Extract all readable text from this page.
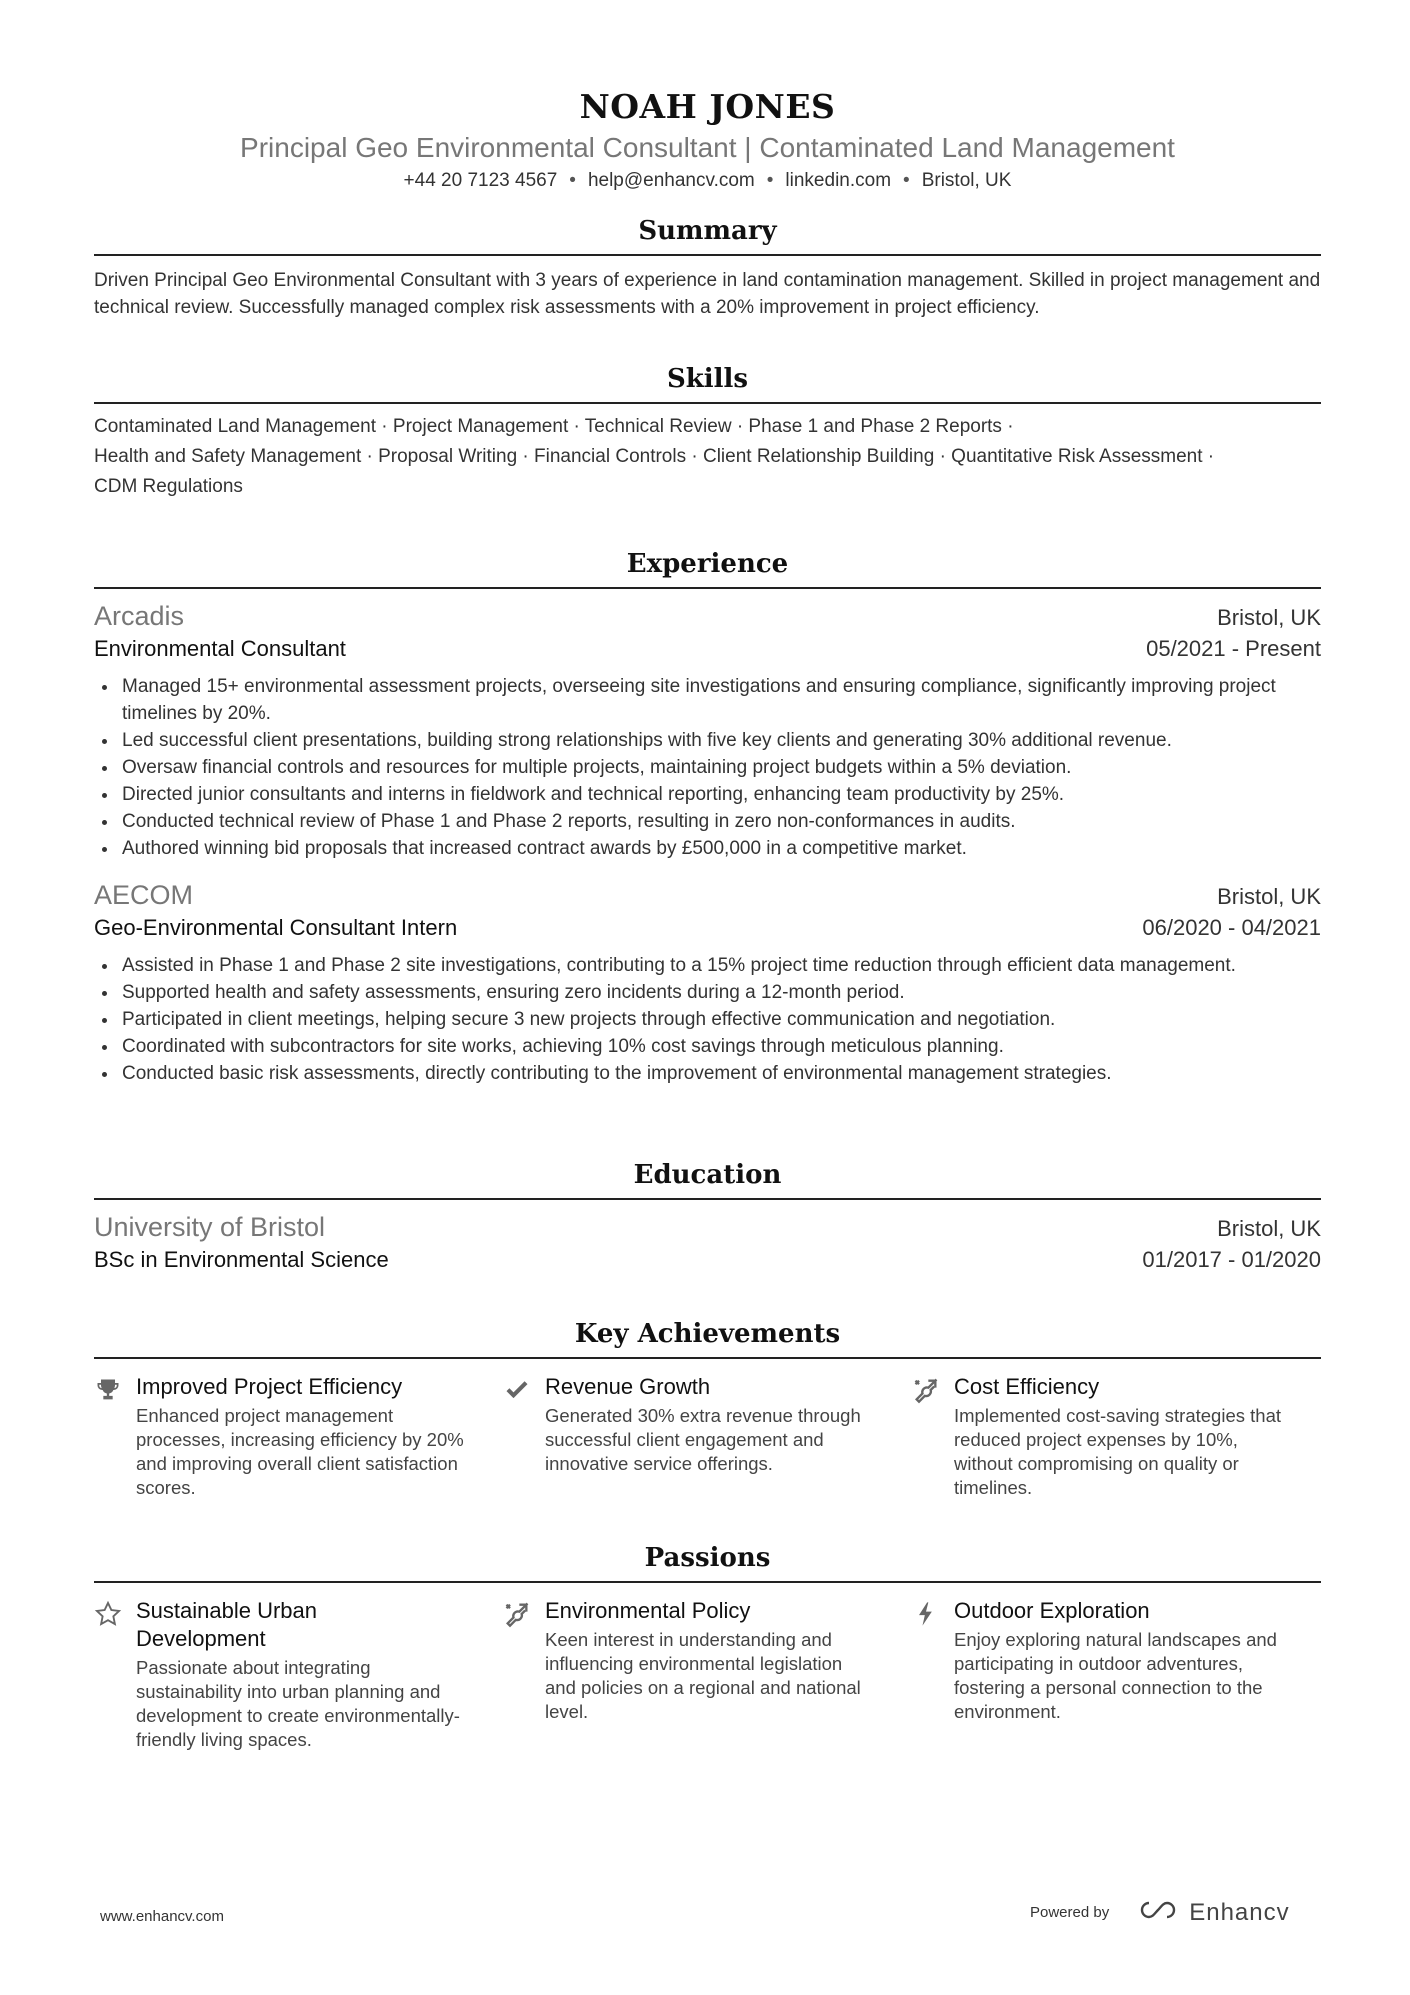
NOAH JONES
Principal Geo Environmental Consultant | Contaminated Land Management
+44 20 7123 4567 • help@enhancv.com • linkedin.com • Bristol, UK
Summary
Driven Principal Geo Environmental Consultant with 3 years of experience in land contamination management. Skilled in project management and technical review. Successfully managed complex risk assessments with a 20% improvement in project efficiency.
Skills
Contaminated Land Management · Project Management · Technical Review · Phase 1 and Phase 2 Reports ·
Health and Safety Management · Proposal Writing · Financial Controls · Client Relationship Building · Quantitative Risk Assessment ·
CDM Regulations
Experience
Arcadis	Bristol, UK
Environmental Consultant	05/2021 - Present
Managed 15+ environmental assessment projects, overseeing site investigations and ensuring compliance, significantly improving project timelines by 20%.
Led successful client presentations, building strong relationships with five key clients and generating 30% additional revenue.
Oversaw financial controls and resources for multiple projects, maintaining project budgets within a 5% deviation.
Directed junior consultants and interns in fieldwork and technical reporting, enhancing team productivity by 25%.
Conducted technical review of Phase 1 and Phase 2 reports, resulting in zero non-conformances in audits.
Authored winning bid proposals that increased contract awards by £500,000 in a competitive market.
AECOM	Bristol, UK
Geo-Environmental Consultant Intern	06/2020 - 04/2021
Assisted in Phase 1 and Phase 2 site investigations, contributing to a 15% project time reduction through efficient data management.
Supported health and safety assessments, ensuring zero incidents during a 12-month period.
Participated in client meetings, helping secure 3 new projects through effective communication and negotiation.
Coordinated with subcontractors for site works, achieving 10% cost savings through meticulous planning.
Conducted basic risk assessments, directly contributing to the improvement of environmental management strategies.
Education
University of Bristol	Bristol, UK
BSc in Environmental Science	01/2017 - 01/2020
Key Achievements
Improved Project Efficiency
Enhanced project management processes, increasing efficiency by 20% and improving overall client satisfaction scores.
Revenue Growth
Generated 30% extra revenue through successful client engagement and innovative service offerings.
Cost Efficiency
Implemented cost-saving strategies that reduced project expenses by 10%, without compromising on quality or timelines.
Passions
Sustainable Urban Development
Passionate about integrating sustainability into urban planning and development to create environmentally-friendly living spaces.
Environmental Policy
Keen interest in understanding and influencing environmental legislation and policies on a regional and national level.
Outdoor Exploration
Enjoy exploring natural landscapes and participating in outdoor adventures, fostering a personal connection to the environment.
www.enhancv.com	Powered by	Enhancv
